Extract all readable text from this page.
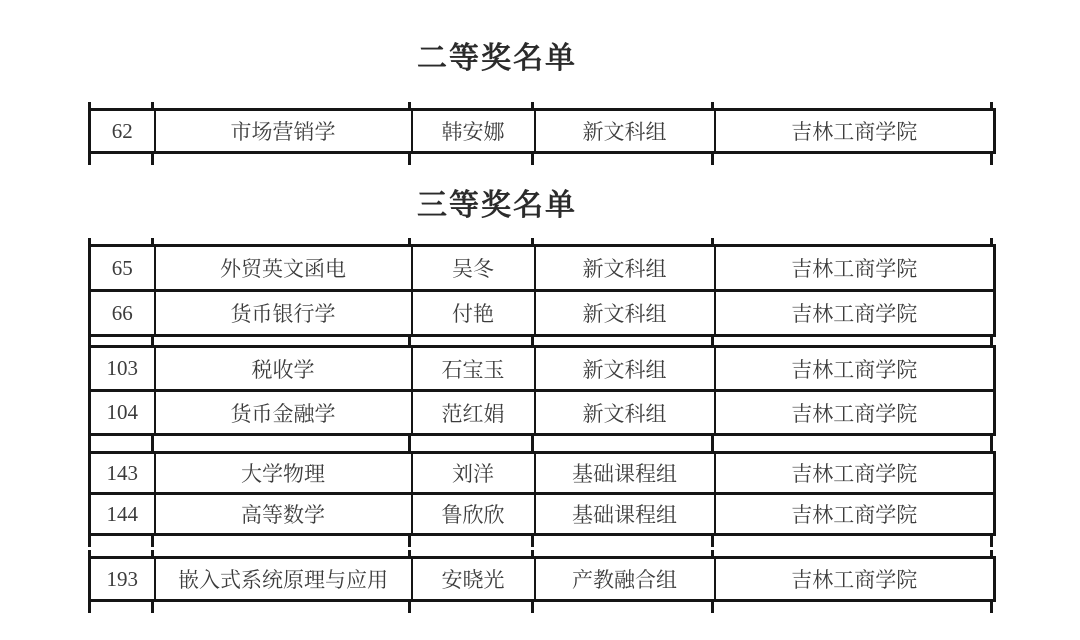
二等奖名单
62	市场营销学	韩安娜	新文科组	吉林工商学院
三等奖名单
65	外贸英文函电	吴冬	新文科组	吉林工商学院
66	货币银行学	付艳	新文科组	吉林工商学院
103	税收学	石宝玉	新文科组	吉林工商学院
104	货币金融学	范红娟	新文科组	吉林工商学院
143	大学物理	刘洋	基础课程组	吉林工商学院
144	高等数学	鲁欣欣	基础课程组	吉林工商学院
193	嵌入式系统原理与应用	安晓光	产教融合组	吉林工商学院
